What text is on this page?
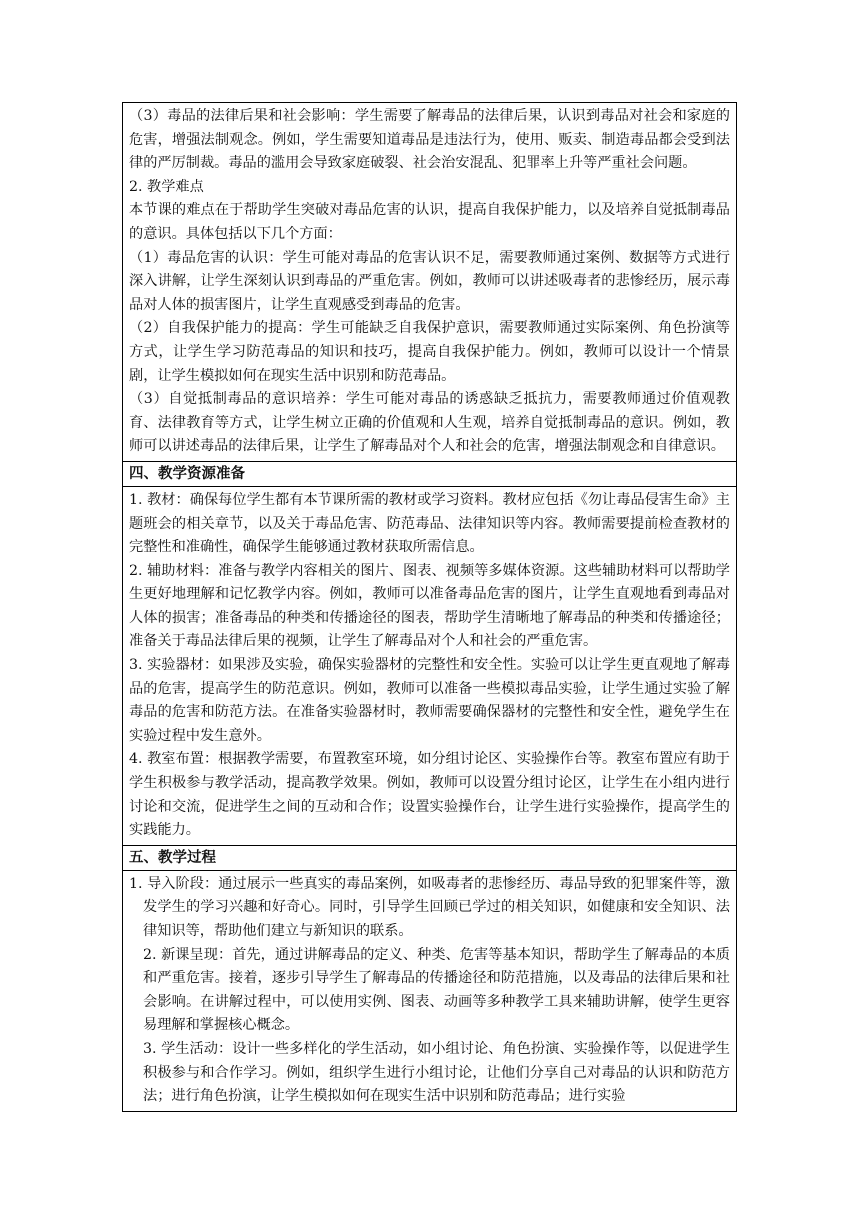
（3）毒品的法律后果和社会影响：学生需要了解毒品的法律后果，认识到毒品对社会和家庭的危害，增强法制观念。例如，学生需要知道毒品是违法行为，使用、贩卖、制造毒品都会受到法律的严厉制裁。毒品的滥用会导致家庭破裂、社会治安混乱、犯罪率上升等严重社会问题。

2. 教学难点

本节课的难点在于帮助学生突破对毒品危害的认识，提高自我保护能力，以及培养自觉抵制毒品的意识。具体包括以下几个方面：

（1）毒品危害的认识：学生可能对毒品的危害认识不足，需要教师通过案例、数据等方式进行深入讲解，让学生深刻认识到毒品的严重危害。例如，教师可以讲述吸毒者的悲惨经历，展示毒品对人体的损害图片，让学生直观感受到毒品的危害。

（2）自我保护能力的提高：学生可能缺乏自我保护意识，需要教师通过实际案例、角色扮演等方式，让学生学习防范毒品的知识和技巧，提高自我保护能力。例如，教师可以设计一个情景剧，让学生模拟如何在现实生活中识别和防范毒品。

（3）自觉抵制毒品的意识培养：学生可能对毒品的诱惑缺乏抵抗力，需要教师通过价值观教育、法律教育等方式，让学生树立正确的价值观和人生观，培养自觉抵制毒品的意识。例如，教师可以讲述毒品的法律后果，让学生了解毒品对个人和社会的危害，增强法制观念和自律意识。

四、教学资源准备

1. 教材：确保每位学生都有本节课所需的教材或学习资料。教材应包括《勿让毒品侵害生命》主题班会的相关章节，以及关于毒品危害、防范毒品、法律知识等内容。教师需要提前检查教材的完整性和准确性，确保学生能够通过教材获取所需信息。

2. 辅助材料：准备与教学内容相关的图片、图表、视频等多媒体资源。这些辅助材料可以帮助学生更好地理解和记忆教学内容。例如，教师可以准备毒品危害的图片，让学生直观地看到毒品对人体的损害；准备毒品的种类和传播途径的图表，帮助学生清晰地了解毒品的种类和传播途径；准备关于毒品法律后果的视频，让学生了解毒品对个人和社会的严重危害。

3. 实验器材：如果涉及实验，确保实验器材的完整性和安全性。实验可以让学生更直观地了解毒品的危害，提高学生的防范意识。例如，教师可以准备一些模拟毒品实验，让学生通过实验了解毒品的危害和防范方法。在准备实验器材时，教师需要确保器材的完整性和安全性，避免学生在实验过程中发生意外。

4. 教室布置：根据教学需要，布置教室环境，如分组讨论区、实验操作台等。教室布置应有助于学生积极参与教学活动，提高教学效果。例如，教师可以设置分组讨论区，让学生在小组内进行讨论和交流，促进学生之间的互动和合作；设置实验操作台，让学生进行实验操作，提高学生的实践能力。

五、教学过程

1. 导入阶段：通过展示一些真实的毒品案例，如吸毒者的悲惨经历、毒品导致的犯罪案件等，激发学生的学习兴趣和好奇心。同时，引导学生回顾已学过的相关知识，如健康和安全知识、法律知识等，帮助他们建立与新知识的联系。

2. 新课呈现：首先，通过讲解毒品的定义、种类、危害等基本知识，帮助学生了解毒品的本质和严重危害。接着，逐步引导学生了解毒品的传播途径和防范措施，以及毒品的法律后果和社会影响。在讲解过程中，可以使用实例、图表、动画等多种教学工具来辅助讲解，使学生更容易理解和掌握核心概念。

3. 学生活动：设计一些多样化的学生活动，如小组讨论、角色扮演、实验操作等，以促进学生积极参与和合作学习。例如，组织学生进行小组讨论，让他们分享自己对毒品的认识和防范方法；进行角色扮演，让学生模拟如何在现实生活中识别和防范毒品；进行实验
